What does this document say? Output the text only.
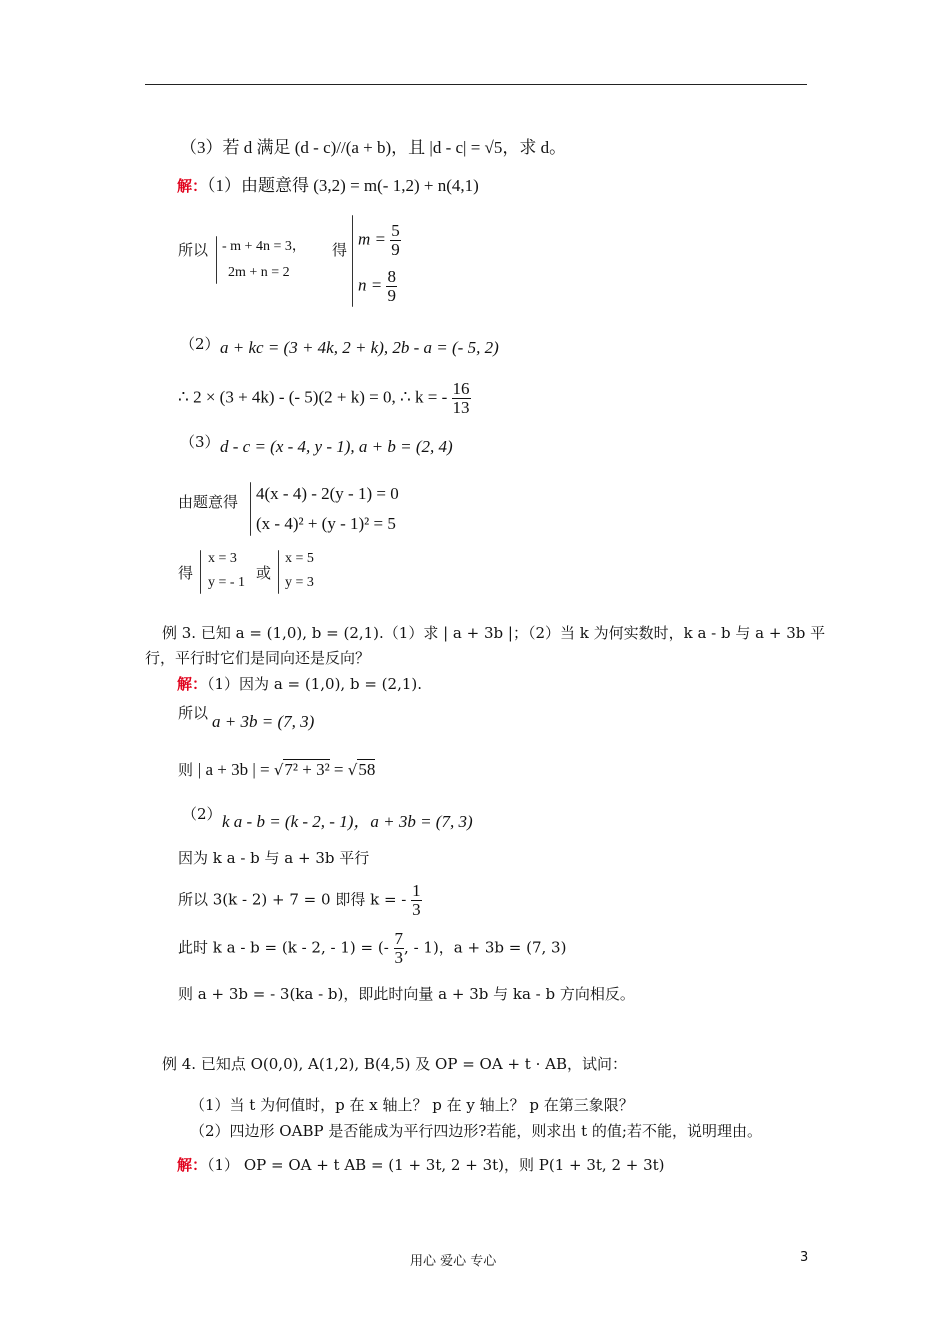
（3）若 d 满足 (d - c)//(a + b)，且 |d - c| = √5，求 d。
解：（1）由题意得 (3,2) = m(- 1,2) + n(4,1)
所以 - m + 4n = 3，
2m + n = 2
得
$m = \frac{5}{9}$
$n = \frac{8}{9}$
（2） a + kc = (3 + 4k, 2 + k), 2b - a = (- 5, 2)
∴ 2 × (3 + 4k) - (- 5)(2 + k) = 0, ∴ k = - $\frac{16}{13}$
（3） d - c = (x - 4, y - 1), a + b = (2, 4)
由题意得 4(x - 4) - 2(y - 1) = 0
(x - 4)² + (y - 1)² = 5
得
x = 3
y = - 1
或
x = 5
y = 3
例 3. 已知 a = (1,0), b = (2,1).（1）求 | a + 3b |；（2）当 k 为何实数时，k a - b 与 a + 3b 平
行，平行时它们是同向还是反向？
解：（1）因为 a = (1,0), b = (2,1).
所以 a + 3b = (7, 3)
则 | a + 3b | = √7² + 3² = √58
（2） k a - b = (k - 2, - 1)，a + 3b = (7, 3)
因为 k a - b 与 a + 3b 平行
所以 3(k - 2) + 7 = 0 即得 k = - $\frac{1}{3}$
此时 k a - b = (k - 2, - 1) = (- $\frac{7}{3}$ , - 1)，a + 3b = (7, 3)
则 a + 3b = - 3(ka - b)，即此时向量 a + 3b 与 ka - b 方向相反。
例 4. 已知点 O(0,0), A(1,2), B(4,5) 及 OP = OA + t · AB，试问：
（1）当 t 为何值时，p 在 x 轴上？ p 在 y 轴上？ p 在第三象限？
（2）四边形 OABP 是否能成为平行四边形?若能，则求出 t 的值;若不能，说明理由。
解：（1） OP = OA + t AB = (1 + 3t, 2 + 3t)，则 P(1 + 3t, 2 + 3t)
用心 爱心 专心	3
